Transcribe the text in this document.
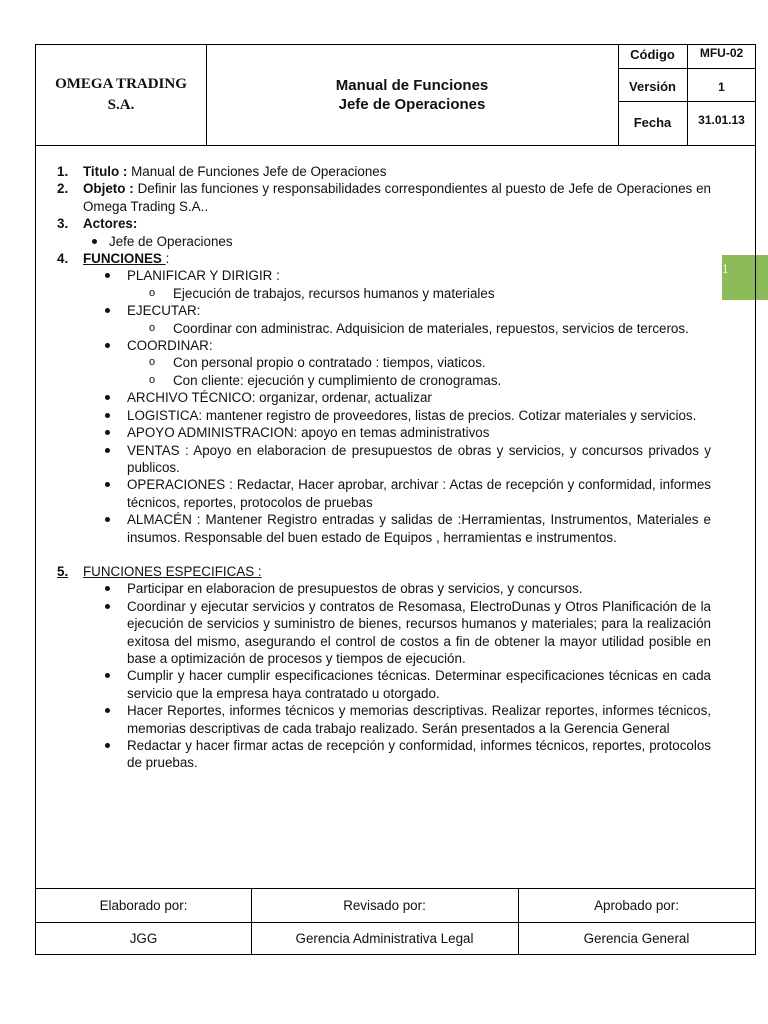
OMEGA TRADING
S.A.
Manual de Funciones
Jefe de Operaciones
Código	MFU-02
Versión	1
Fecha	31.01.13
1
1.	Titulo : Manual de Funciones Jefe de Operaciones
2.	Objeto : Definir las funciones y responsabilidades correspondientes al puesto de Jefe de Operaciones en Omega Trading S.A..
3.	Actores:
Jefe de Operaciones
4.	FUNCIONES :
PLANIFICAR Y DIRIGIR :
o	Ejecución de trabajos, recursos humanos y materiales
EJECUTAR:
o	Coordinar con administrac. Adquisicion de materiales, repuestos, servicios de terceros.
COORDINAR:
o	Con personal propio o contratado : tiempos, viaticos.
o	Con cliente: ejecución y cumplimiento de cronogramas.
ARCHIVO TÉCNICO: organizar, ordenar, actualizar
LOGISTICA: mantener registro de proveedores, listas de precios. Cotizar materiales y servicios.
APOYO ADMINISTRACION: apoyo en temas administrativos
VENTAS : Apoyo en elaboracion de presupuestos de obras y servicios, y concursos privados y publicos.
OPERACIONES : Redactar, Hacer aprobar, archivar : Actas de recepción y conformidad, informes técnicos, reportes, protocolos de pruebas
ALMACÉN : Mantener Registro entradas y salidas de :Herramientas, Instrumentos, Materiales e insumos. Responsable del buen estado de Equipos , herramientas e instrumentos.
5.	FUNCIONES ESPECIFICAS :
Participar en elaboracion de presupuestos de obras y servicios, y concursos.
Coordinar y ejecutar servicios y contratos de Resomasa, ElectroDunas y Otros Planificación de la ejecución de servicios y suministro de bienes, recursos humanos y materiales; para la realización exitosa del mismo, asegurando el control de costos a fin de obtener la mayor utilidad posible en base a optimización de procesos y tiempos de ejecución.
Cumplir y hacer cumplir especificaciones técnicas. Determinar especificaciones técnicas en cada servicio que la empresa haya contratado u otorgado.
Hacer Reportes, informes técnicos y memorias descriptivas. Realizar reportes, informes técnicos, memorias descriptivas de cada trabajo realizado. Serán presentados a la Gerencia General
Redactar y hacer firmar actas de recepción y conformidad, informes técnicos, reportes, protocolos de pruebas.
Elaborado por:	Revisado por:	Aprobado por:
JGG	Gerencia Administrativa Legal	Gerencia General
